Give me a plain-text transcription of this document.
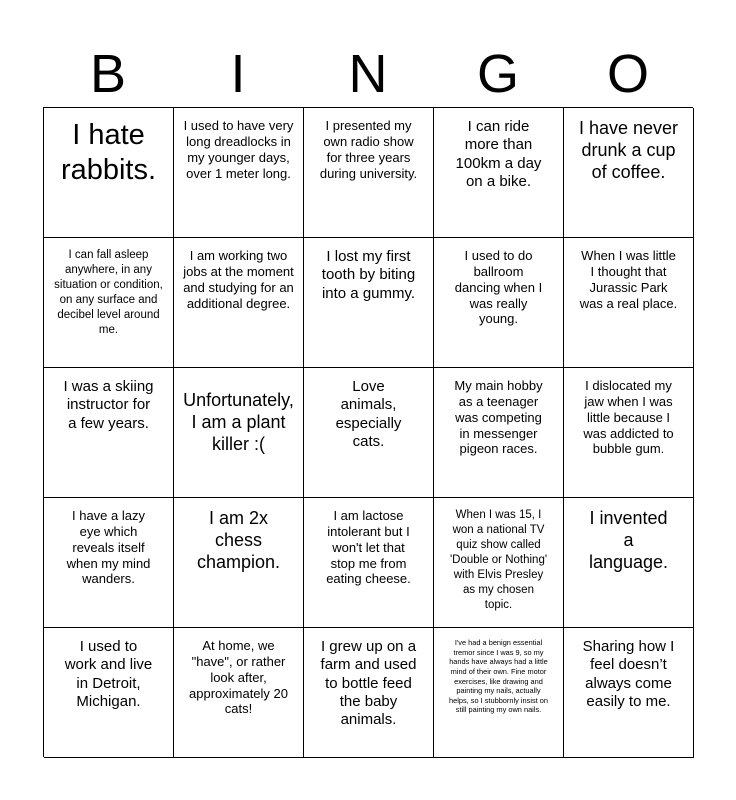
B	I	N	G	O
I hate rabbits.
I used to have very long dreadlocks in my younger days, over 1 meter long.
I presented my own radio show for three years during university.
I can ride more than 100km a day on a bike.
I have never drunk a cup of coffee.
I can fall asleep anywhere, in any situation or condition, on any surface and decibel level around me.
I am working two jobs at the moment and studying for an additional degree.
I lost my first tooth by biting into a gummy.
I used to do ballroom dancing when I was really young.
When I was little I thought that Jurassic Park was a real place.
I was a skiing instructor for a few years.
Unfortunately, I am a plant killer :(
Love animals, especially cats.
My main hobby as a teenager was competing in messenger pigeon races.
I dislocated my jaw when I was little because I was addicted to bubble gum.
I have a lazy eye which reveals itself when my mind wanders.
I am 2x chess champion.
I am lactose intolerant but I won't let that stop me from eating cheese.
When I was 15, I won a national TV quiz show called 'Double or Nothing' with Elvis Presley as my chosen topic.
I invented a language.
I used to work and live in Detroit, Michigan.
At home, we "have", or rather look after, approximately 20 cats!
I grew up on a farm and used to bottle feed the baby animals.
I've had a benign essential tremor since I was 9, so my hands have always had a little mind of their own. Fine motor exercises, like drawing and painting my nails, actually helps, so I stubbornly insist on still painting my own nails.
Sharing how I feel doesn’t always come easily to me.
